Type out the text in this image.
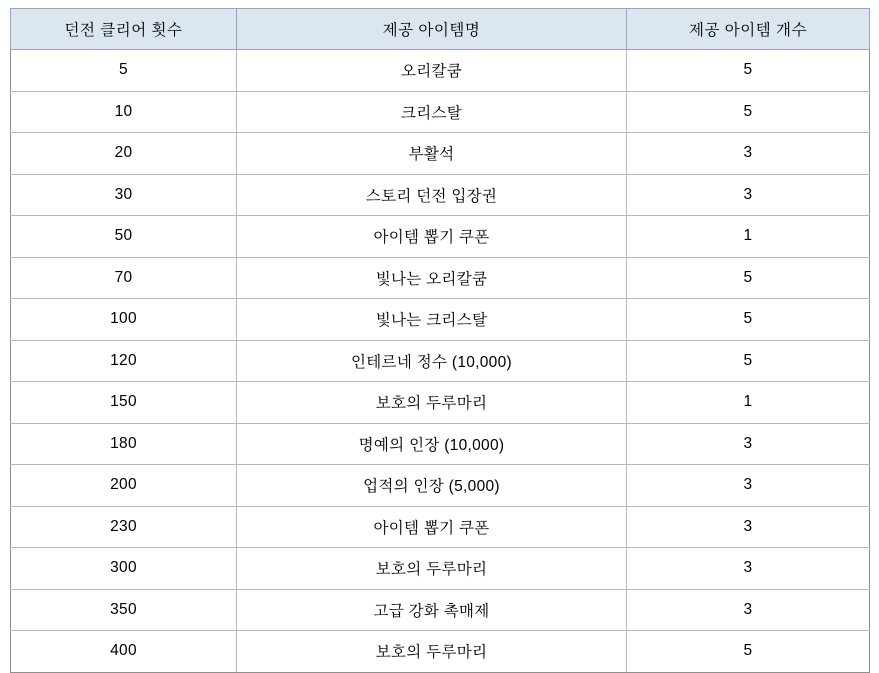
던전 클리어 횟수	제공 아이템명	제공 아이템 개수
5	오리칼쿰	5
10	크리스탈	5
20	부활석	3
30	스토리 던전 입장권	3
50	아이템 뽑기 쿠폰	1
70	빛나는 오리칼쿰	5
100	빛나는 크리스탈	5
120	인테르네 정수 (10,000)	5
150	보호의 두루마리	1
180	명예의 인장 (10,000)	3
200	업적의 인장 (5,000)	3
230	아이템 뽑기 쿠폰	3
300	보호의 두루마리	3
350	고급 강화 촉매제	3
400	보호의 두루마리	5
